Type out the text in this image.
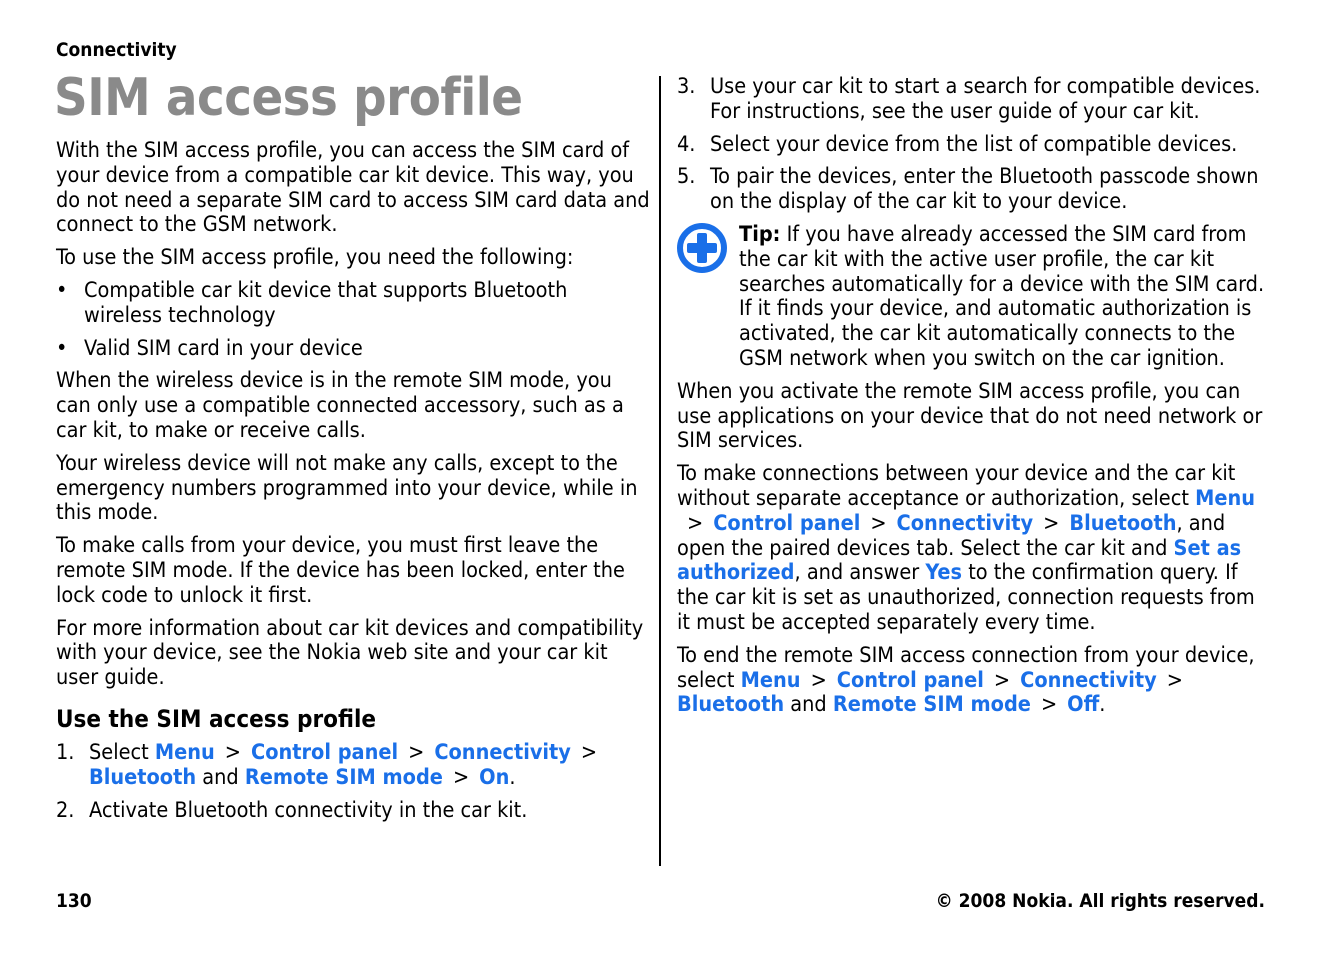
Connectivity
SIM access profile

With the SIM access profile, you can access the SIM card of your device from a compatible car kit device. This way, you do not need a separate SIM card to access SIM card data and connect to the GSM network.

To use the SIM access profile, you need the following:

• Compatible car kit device that supports Bluetooth wireless technology
• Valid SIM card in your device

When the wireless device is in the remote SIM mode, you can only use a compatible connected accessory, such as a car kit, to make or receive calls.

Your wireless device will not make any calls, except to the emergency numbers programmed into your device, while in this mode.

To make calls from your device, you must first leave the remote SIM mode. If the device has been locked, enter the lock code to unlock it first.

For more information about car kit devices and compatibility with your device, see the Nokia web site and your car kit user guide.

Use the SIM access profile
1. Select Menu > Control panel > Connectivity >Bluetooth and Remote SIM mode > On.
2. Activate Bluetooth connectivity in the car kit.
3. Use your car kit to start a search for compatible devices. For instructions, see the user guide of your car kit.
4. Select your device from the list of compatible devices.
5. To pair the devices, enter the Bluetooth passcode shown on the display of the car kit to your device.
Tip: If you have already accessed the SIM card from the car kit with the active user profile, the car kit searches automatically for a device with the SIM card. If it finds your device, and automatic authorization is activated, the car kit automatically connects to the GSM network when you switch on the car ignition.

When you activate the remote SIM access profile, you can use applications on your device that do not need network or SIM services.

To make connections between your device and the car kit without separate acceptance or authorization, select Menu> Control panel > Connectivity > Bluetooth, and open the paired devices tab. Select the car kit and Set as authorized, and answer Yes to the confirmation query. If the car kit is set as unauthorized, connection requests from it must be accepted separately every time.

To end the remote SIM access connection from your device, select Menu > Control panel > Connectivity >Bluetooth and Remote SIM mode > Off.

130	© 2008 Nokia. All rights reserved.
